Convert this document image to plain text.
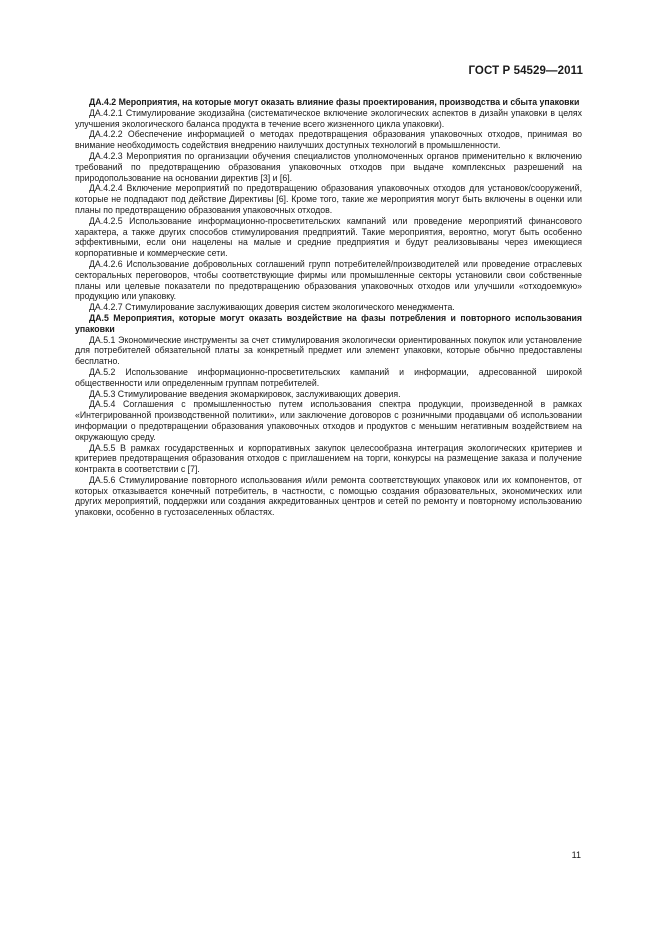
ГОСТ Р 54529—2011

ДА.4.2 Мероприятия, на которые могут оказать влияние фазы проектирования, производства и сбыта упаковки

ДА.4.2.1 Стимулирование экодизайна (систематическое включение экологических аспектов в дизайн упаковки в целях улучшения экологического баланса продукта в течение всего жизненного цикла упаковки).

ДА.4.2.2 Обеспечение информацией о методах предотвращения образования упаковочных отходов, принимая во внимание необходимость содействия внедрению наилучших доступных технологий в промышленности.

ДА.4.2.3 Мероприятия по организации обучения специалистов уполномоченных органов применительно к включению требований по предотвращению образования упаковочных отходов при выдаче комплексных разрешений на природопользование на основании директив [3] и [6].

ДА.4.2.4 Включение мероприятий по предотвращению образования упаковочных отходов для установок/сооружений, которые не подпадают под действие Директивы [6]. Кроме того, такие же мероприятия могут быть включены в оценки или планы по предотвращению образования упаковочных отходов.

ДА.4.2.5 Использование информационно-просветительских кампаний или проведение мероприятий финансового характера, а также других способов стимулирования предприятий. Такие мероприятия, вероятно, могут быть особенно эффективными, если они нацелены на малые и средние предприятия и будут реализовываны через имеющиеся корпоративные и коммерческие сети.

ДА.4.2.6 Использование добровольных соглашений групп потребителей/производителей или проведение отраслевых секторальных переговоров, чтобы соответствующие фирмы или промышленные секторы установили свои собственные планы или целевые показатели по предотвращению образования упаковочных отходов или улучшили «отходоемкую» продукцию или упаковку.

ДА.4.2.7 Стимулирование заслуживающих доверия систем экологического менеджмента.

ДА.5 Мероприятия, которые могут оказать воздействие на фазы потребления и повторного использования упаковки

ДА.5.1 Экономические инструменты за счет стимулирования экологически ориентированных покупок или установление для потребителей обязательной платы за конкретный предмет или элемент упаковки, которые обычно предоставлены бесплатно.

ДА.5.2 Использование информационно-просветительских кампаний и информации, адресованной широкой общественности или определенным группам потребителей.

ДА.5.3 Стимулирование введения экомаркировок, заслуживающих доверия.

ДА.5.4 Соглашения с промышленностью путем использования спектра продукции, произведенной в рамках «Интегрированной производственной политики», или заключение договоров с розничными продавцами об использовании информации о предотвращении образования упаковочных отходов и продуктов с меньшим негативным воздействием на окружающую среду.

ДА.5.5 В рамках государственных и корпоративных закупок целесообразна интеграция экологических критериев и критериев предотвращения образования отходов с приглашением на торги, конкурсы на размещение заказа и получение контракта в соответствии с [7].

ДА.5.6 Стимулирование повторного использования и/или ремонта соответствующих упаковок или их компонентов, от которых отказывается конечный потребитель, в частности, с помощью создания образовательных, экономических или других мероприятий, поддержки или создания аккредитованных центров и сетей по ремонту и повторному использованию упаковки, особенно в густозаселенных областях.

11
